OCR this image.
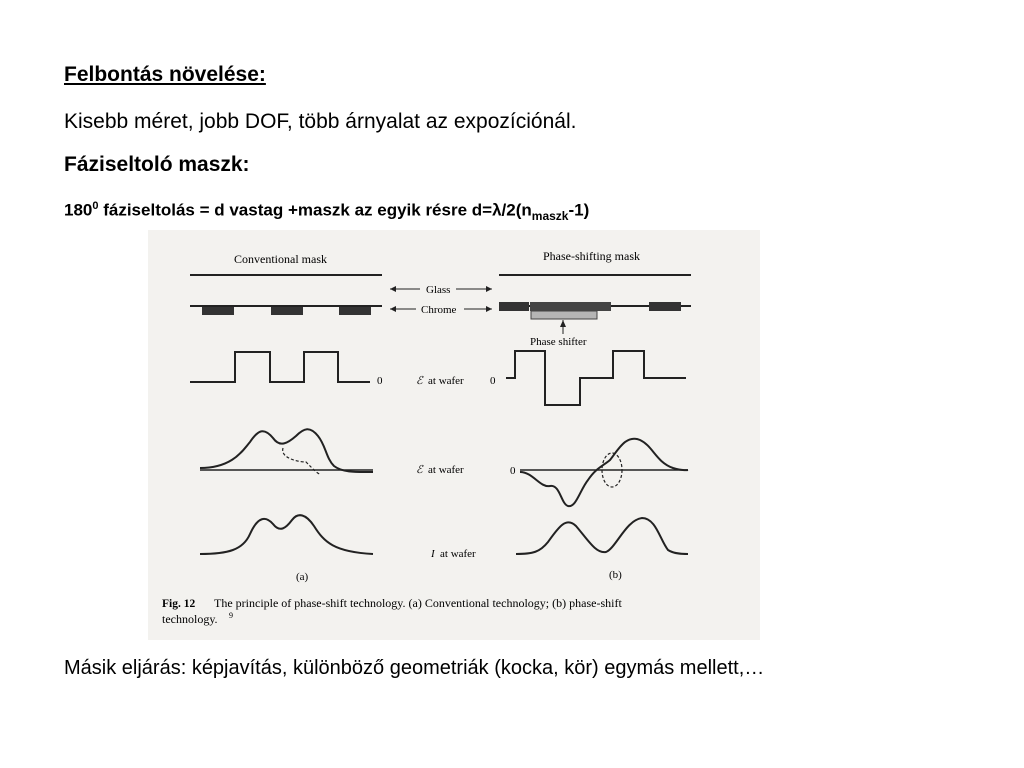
Felbontás növelése:
Kisebb méret, jobb DOF, több árnyalat az expozíciónál.
Fáziseltoló maszk:
$180^0$ fáziseltolás = d vastag +maszk az egyik résre $d=\lambda/2(n_{maszk}-1)$
Conventional mask	Phase-shifting mask
Glass
Chrome
Phase shifter
0	ℰ at wafer 0
ℰ at wafer	0
I at wafer
(a)	(b)
Fig. 12 The principle of phase-shift technology. (a) Conventional technology; (b) phase-shift
technology. 9
Másik eljárás: képjavítás, különböző geometriák (kocka, kör) egymás mellett,…
